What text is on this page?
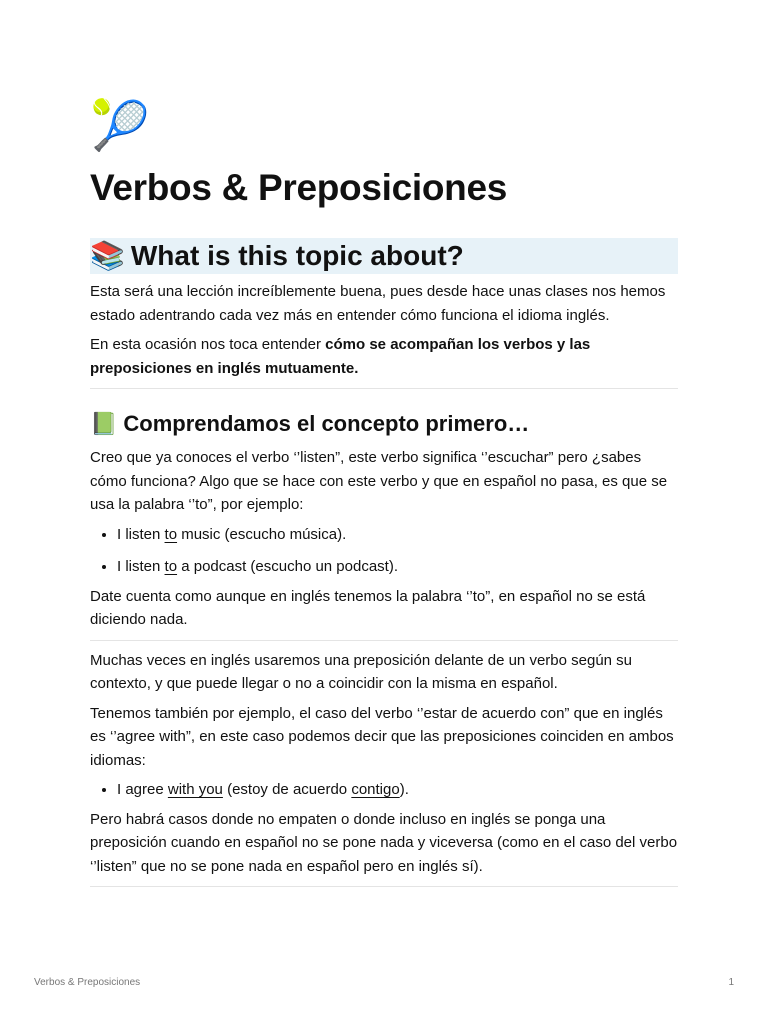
🎾
Verbos & Preposiciones
📚 What is this topic about?

Esta será una lección increíblemente buena, pues desde hace unas clases nos hemos estado adentrando cada vez más en entender cómo funciona el idioma inglés.

En esta ocasión nos toca entender cómo se acompañan los verbos y las preposiciones en inglés mutuamente.

📗 Comprendamos el concepto primero…

Creo que ya conoces el verbo ‘’listen”, este verbo significa ‘’escuchar” pero ¿sabes cómo funciona? Algo que se hace con este verbo y que en español no pasa, es que se usa la palabra ‘’to”, por ejemplo:

• I listen to music (escucho música).
• I listen to a podcast (escucho un podcast).

Date cuenta como aunque en inglés tenemos la palabra ‘’to”, en español no se está diciendo nada.

Muchas veces en inglés usaremos una preposición delante de un verbo según su contexto, y que puede llegar o no a coincidir con la misma en español.

Tenemos también por ejemplo, el caso del verbo ‘’estar de acuerdo con” que en inglés es ‘’agree with”, en este caso podemos decir que las preposiciones coinciden en ambos idiomas:

• I agree with you (estoy de acuerdo contigo).

Pero habrá casos donde no empaten o donde incluso en inglés se ponga una preposición cuando en español no se pone nada y viceversa (como en el caso del verbo ‘’listen” que no se pone nada en español pero en inglés sí).

Verbos & Preposiciones	1
